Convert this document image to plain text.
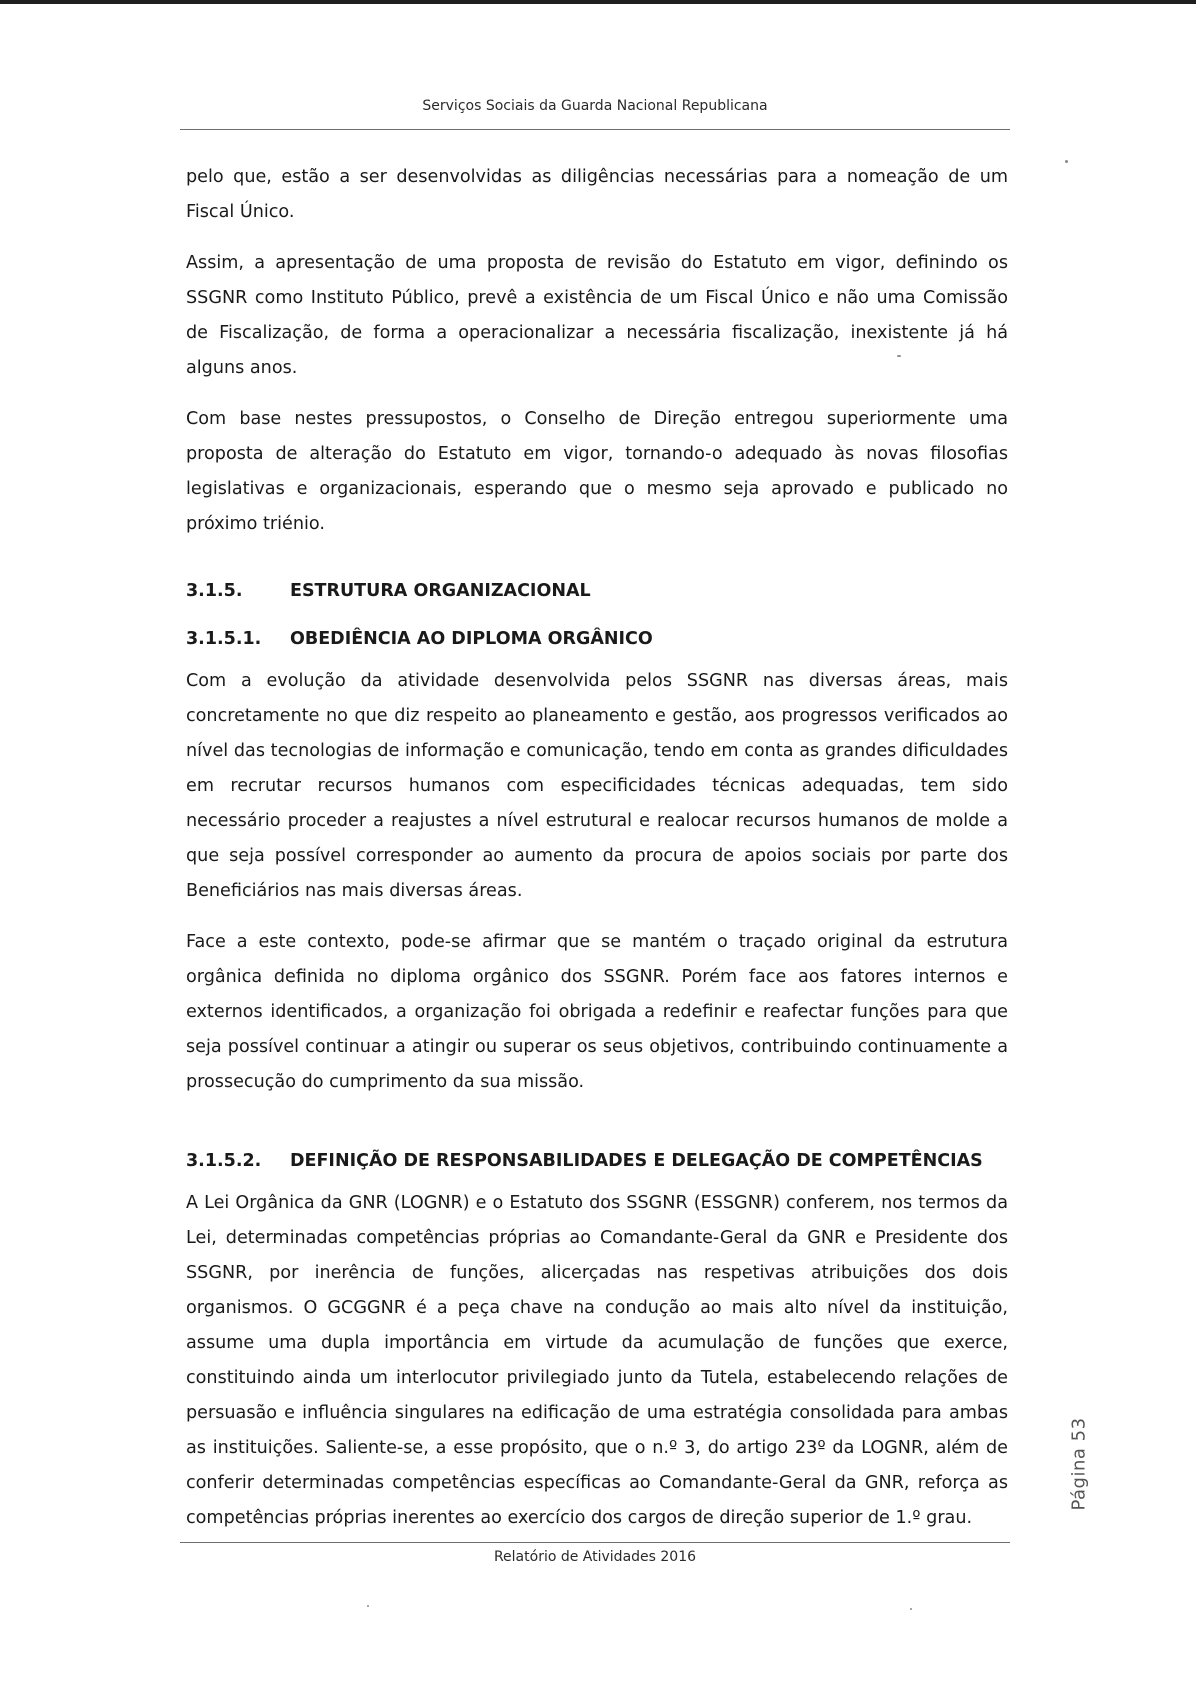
Serviços Sociais da Guarda Nacional Republicana

pelo que, estão a ser desenvolvidas as diligências necessárias para a nomeação de um Fiscal Único.

Assim, a apresentação de uma proposta de revisão do Estatuto em vigor, definindo os SSGNR como Instituto Público, prevê a existência de um Fiscal Único e não uma Comissão de Fiscalização, de forma a operacionalizar a necessária fiscalização, inexistente já há alguns anos.

Com base nestes pressupostos, o Conselho de Direção entregou superiormente uma proposta de alteração do Estatuto em vigor, tornando-o adequado às novas filosofias legislativas e organizacionais, esperando que o mesmo seja aprovado e publicado no próximo triénio.

3.1.5.	ESTRUTURA ORGANIZACIONAL
3.1.5.1. OBEDIÊNCIA AO DIPLOMA ORGÂNICO

Com a evolução da atividade desenvolvida pelos SSGNR nas diversas áreas, mais concretamente no que diz respeito ao planeamento e gestão, aos progressos verificados ao nível das tecnologias de informação e comunicação, tendo em conta as grandes dificuldades em recrutar recursos humanos com especificidades técnicas adequadas, tem sido necessário proceder a reajustes a nível estrutural e realocar recursos humanos de molde a que seja possível corresponder ao aumento da procura de apoios sociais por parte dos Beneficiários nas mais diversas áreas.

Face a este contexto, pode-se afirmar que se mantém o traçado original da estrutura orgânica definida no diploma orgânico dos SSGNR. Porém face aos fatores internos e externos identificados, a organização foi obrigada a redefinir e reafectar funções para que seja possível continuar a atingir ou superar os seus objetivos, contribuindo continuamente a prossecução do cumprimento da sua missão.

3.1.5.2. DEFINIÇÃO DE RESPONSABILIDADES E DELEGAÇÃO DE COMPETÊNCIAS

A Lei Orgânica da GNR (LOGNR) e o Estatuto dos SSGNR (ESSGNR) conferem, nos termos da Lei, determinadas competências próprias ao Comandante-Geral da GNR e Presidente dos SSGNR, por inerência de funções, alicerçadas nas respetivas atribuições dos dois organismos. O GCGGNR é a peça chave na condução ao mais alto nível da instituição, assume uma dupla importância em virtude da acumulação de funções que exerce, constituindo ainda um interlocutor privilegiado junto da Tutela, estabelecendo relações de persuasão e influência singulares na edificação de uma estratégia consolidada para ambas as instituições. Saliente-se, a esse propósito, que o n.º 3, do artigo 23º da LOGNR, além de conferir determinadas competências específicas ao Comandante-Geral da GNR, reforça as competências próprias inerentes ao exercício dos cargos de direção superior de 1.º grau.

Relatório de Atividades 2016
Página 53
